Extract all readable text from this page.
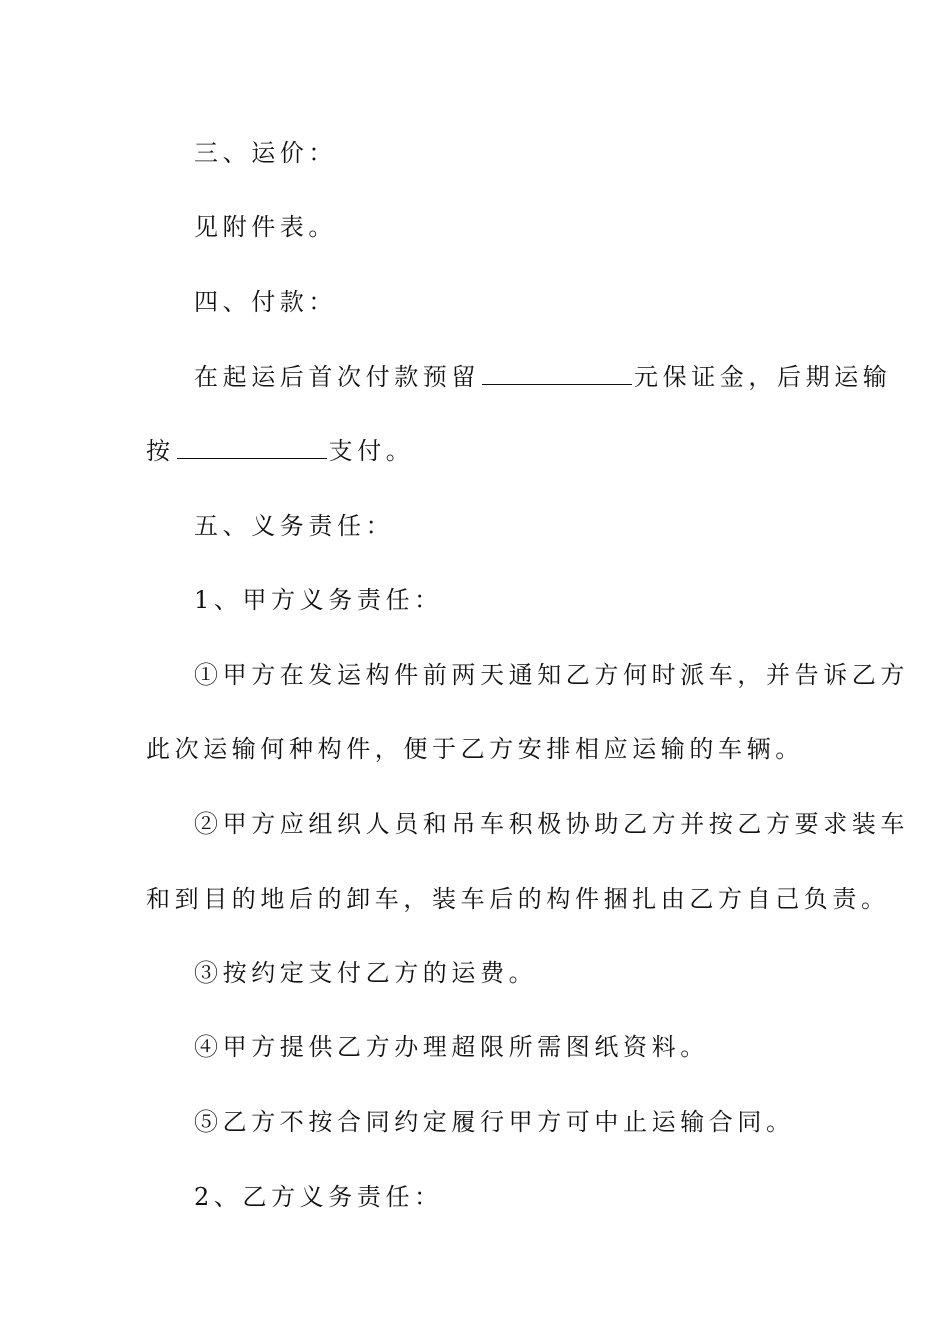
三、运价：
见附件表。
四、付款：
在起运后首次付款预留	元保证金，后期运输
按	支付。
五、义务责任：
1、甲方义务责任：
①甲方在发运构件前两天通知乙方何时派车，并告诉乙方
此次运输何种构件，便于乙方安排相应运输的车辆。
②甲方应组织人员和吊车积极协助乙方并按乙方要求装车
和到目的地后的卸车，装车后的构件捆扎由乙方自己负责。
③按约定支付乙方的运费。
④甲方提供乙方办理超限所需图纸资料。
⑤乙方不按合同约定履行甲方可中止运输合同。
2、乙方义务责任：
